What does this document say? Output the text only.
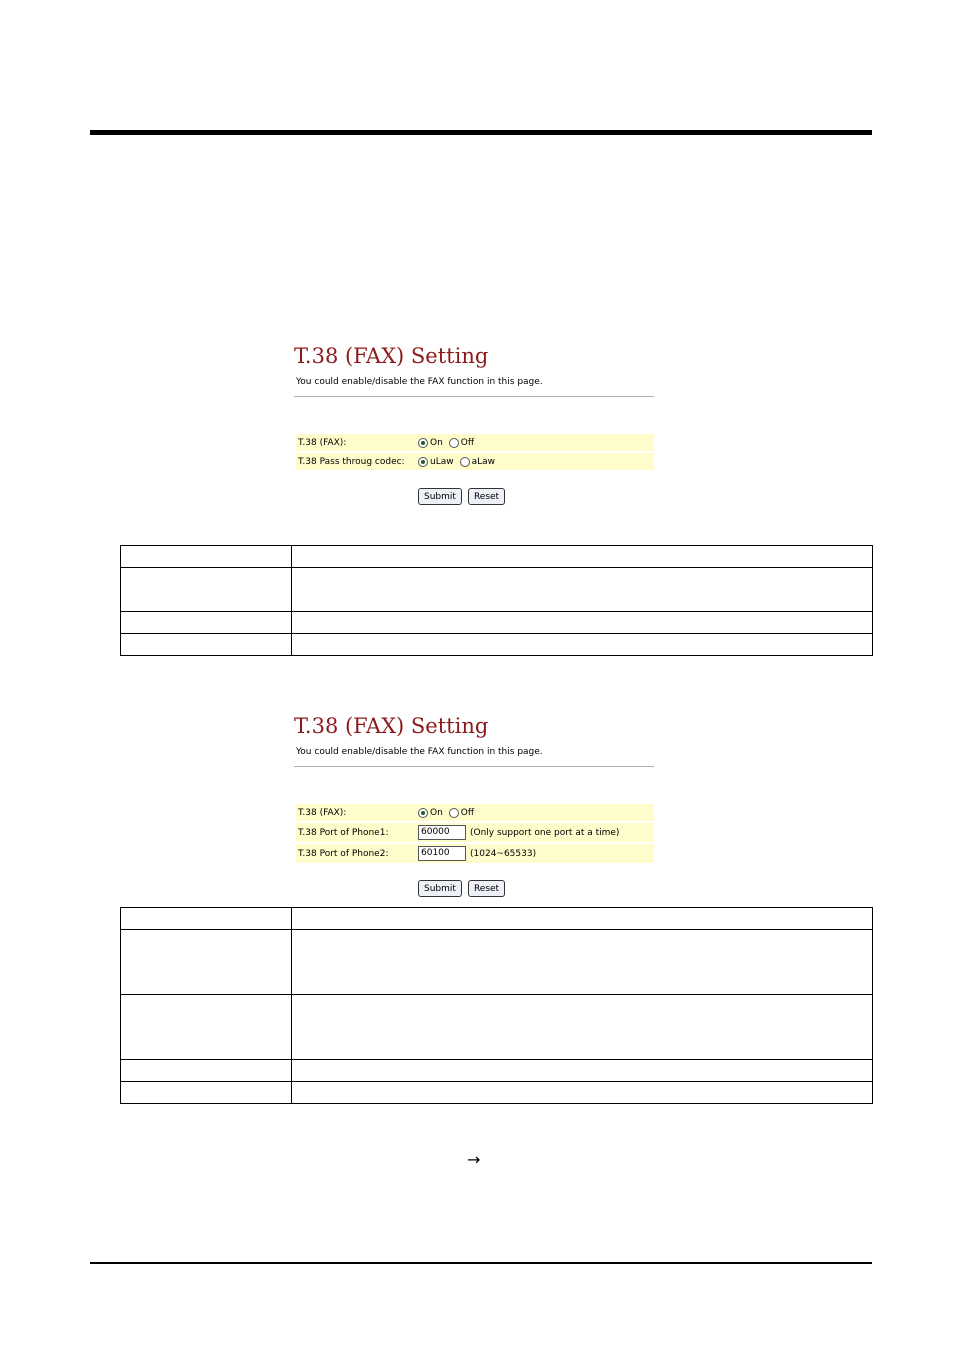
T.38 (FAX) Setting
You could enable/disable the FAX function in this page.
T.38 (FAX):	On Off
T.38 Pass throug codec:	uLaw aLaw
Submit	Reset

T.38 (FAX) Setting
You could enable/disable the FAX function in this page.
T.38 (FAX):	On Off
T.38 Port of Phone1:	60000	(Only support one port at a time)
T.38 Port of Phone2:	60100	(1024~65533)
Submit	Reset

→
